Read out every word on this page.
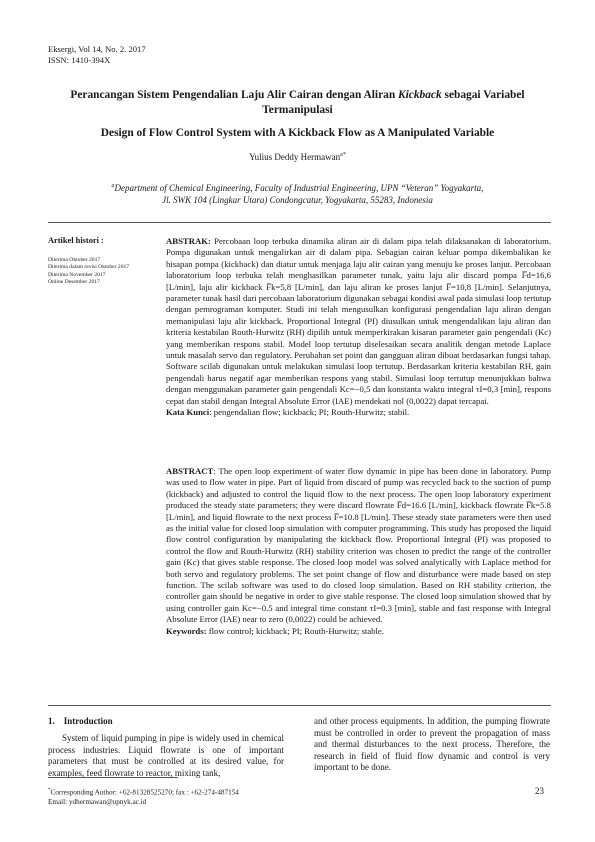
Eksergi, Vol 14, No. 2. 2017
ISSN: 1410-394X
Perancangan Sistem Pengendalian Laju Alir Cairan dengan Aliran Kickback sebagai Variabel Termanipulasi
Design of Flow Control System with A Kickback Flow as A Manipulated Variable
Yulius Deddy Hermawan$^{a*}$
$^a$Department of Chemical Engineering, Faculty of Industrial Engineering, UPN “Veteran” Yogyakarta,
Jl. SWK 104 (Lingkar Utara) Condongcatur, Yogyakarta, 55283, Indonesia
Artikel histori :
Diterima Oktober 2017
Diterima dalam revisi Oktober 2017
Diterima November 2017
Online Desember 2017
ABSTRAK: Percobaan loop terbuka dinamika aliran air di dalam pipa telah dilaksanakan di laboratorium. Pompa digunakan untuk mengalirkan air di dalam pipa. Sebagian cairan keluar pompa dikembalikan ke hisapan pompa (kickback) dan diatur untuk menjaga laju alir cairan yang menuju ke proses lanjut. Percobaan laboratorium loop terbuka telah menghasilkan parameter tunak, yaitu laju alir discard pompa F̅d=16,6 [L/min], laju alir kickback F̅k=5,8 [L/min], dan laju aliran ke proses lanjut F̅=10,8 [L/min]. Selanjutnya, parameter tunak hasil dari percobaan laboratorium digunakan sebagai kondisi awal pada simulasi loop tertutup dengan pemrograman komputer. Studi ini telah mengusulkan konfigurasi pengendalian laju aliran dengan memanipulasi laju alir kickback. Proportional Integral (PI) diusulkan untuk mengendalikan laju aliran dan kriteria kestabilan Routh-Hurwitz (RH) dipilih untuk memperkirakan kisaran parameter gain pengendali (Kc) yang memberikan respons stabil. Model loop tertutup diselesaikan secara analitik dengan metode Laplace untuk masalah servo dan regulatory. Perubahan set point dan gangguan aliran dibuat berdasarkan fungsi tahap. Software scilab digunakan untuk melakukan simulasi loop tertutup. Berdasarkan kriteria kestabilan RH, gain pengendali harus negatif agar memberikan respons yang stabil. Simulasi loop tertutup menunjukkan bahwa dengan menggunakan parameter gain pengendali Kc=−0,5 dan konstanta waktu integral τI=0,3 [min], respons cepat dan stabil dengan Integral Absolute Error (IAE) mendekati nol (0,0022) dapat tercapai.
Kata Kunci: pengendalian flow; kickback; PI; Routh-Hurwitz; stabil.
ABSTRACT: The open loop experiment of water flow dynamic in pipe has been done in laboratory. Pump was used to flow water in pipe. Part of liquid from discard of pump was recycled back to the suction of pump (kickback) and adjusted to control the liquid flow to the next process. The open loop laboratory experiment produced the steady state parameters; they were discard flowrate F̅d=16.6 [L/min], kickback flowrate F̅k=5.8 [L/min], and liquid flowrate to the next process F̅=10.8 [L/min]. These steady state parameters were then used as the initial value for closed loop simulation with computer programming. This study has proposed the liquid flow control configuration by manipulating the kickback flow. Proportional Integral (PI) was proposed to control the flow and Routh-Hurwitz (RH) stability criterion was chosen to predict the range of the controller gain (Kc) that gives stable response. The closed loop model was solved analytically with Laplace method for both servo and regulatory problems. The set point change of flow and disturbance were made based on step function. The scilab software was used to do closed loop simulation. Based on RH stability criterion, the controller gain should be negative in order to give stable response. The closed loop simulation showed that by using controller gain Kc=−0.5 and integral time constant τI=0.3 [min], stable and fast response with Integral Absolute Error (IAE) near to zero (0,0022) could be achieved.
Keywords: flow control; kickback; PI; Routh-Hurwitz; stable.
1.    Introduction
System of liquid pumping in pipe is widely used in chemical process industries. Liquid flowrate is one of important parameters that must be controlled at its desired value, for examples, feed flowrate to reactor, mixing tank,
and other process equipments. In addition, the pumping flowrate must be controlled in order to prevent the propagation of mass and thermal disturbances to the next process. Therefore, the research in field of fluid flow dynamic and control is very important to be done.
*Corresponding Author: +62-81328525270; fax : +62-274-487154
Email: ydhermawan@upnyk.ac.id
23
